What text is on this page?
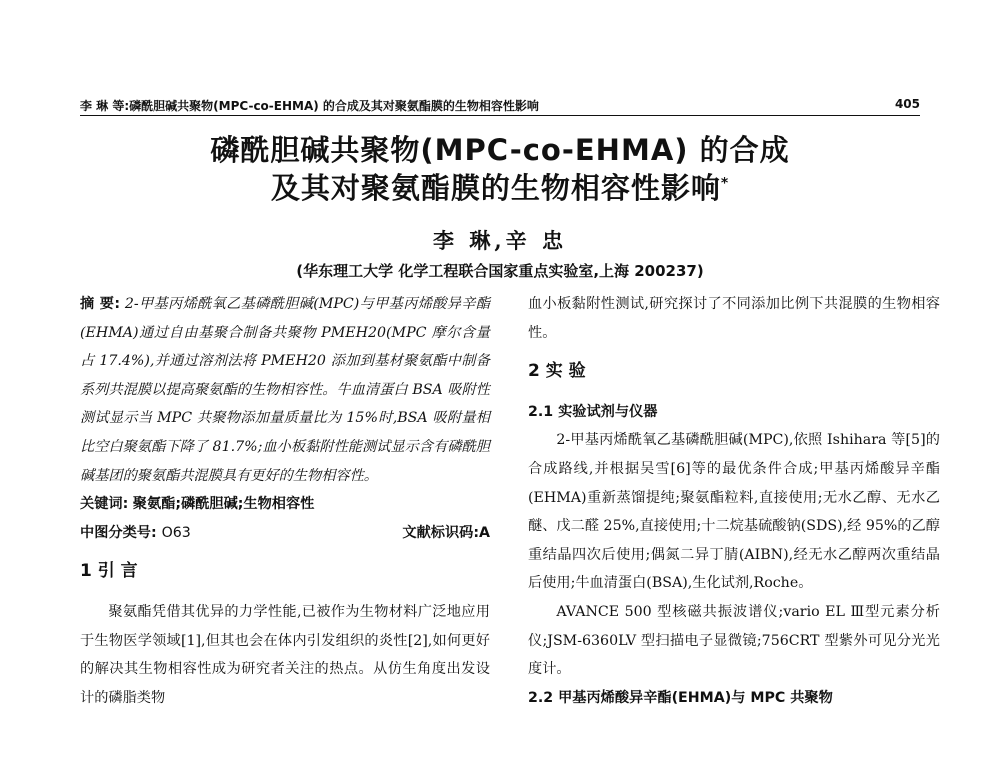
李 琳 等:磷酰胆碱共聚物(MPC-co-EHMA) 的合成及其对聚氨酯膜的生物相容性影响	405
磷酰胆碱共聚物(MPC-co-EHMA) 的合成
及其对聚氨酯膜的生物相容性影响*
李 琳,辛 忠
(华东理工大学 化学工程联合国家重点实验室,上海 200237)

摘 要: 2-甲基丙烯酰氧乙基磷酰胆碱(MPC)与甲基丙烯酸异辛酯(EHMA)通过自由基聚合制备共聚物 PMEH20(MPC 摩尔含量占 17.4%),并通过溶剂法将 PMEH20 添加到基材聚氨酯中制备系列共混膜以提高聚氨酯的生物相容性。牛血清蛋白 BSA 吸附性测试显示当 MPC 共聚物添加量质量比为 15%时,BSA 吸附量相比空白聚氨酯下降了 81.7%;血小板黏附性能测试显示含有磷酰胆碱基团的聚氨酯共混膜具有更好的生物相容性。

关键词: 聚氨酯;磷酰胆碱;生物相容性

中图分类号: O63	文献标识码:A

1 引 言

聚氨酯凭借其优异的力学性能,已被作为生物材料广泛地应用于生物医学领域[1],但其也会在体内引发组织的炎性[2],如何更好的解决其生物相容性成为研究者关注的热点。从仿生角度出发设计的磷脂类物

血小板黏附性测试,研究探讨了不同添加比例下共混膜的生物相容性。

2 实 验

2.1 实验试剂与仪器

2-甲基丙烯酰氧乙基磷酰胆碱(MPC),依照 Ishihara 等[5]的合成路线,并根据吴雪[6]等的最优条件合成;甲基丙烯酸异辛酯(EHMA)重新蒸馏提纯;聚氨酯粒料,直接使用;无水乙醇、无水乙醚、戊二醛 25%,直接使用;十二烷基硫酸钠(SDS),经 95%的乙醇重结晶四次后使用;偶氮二异丁腈(AIBN),经无水乙醇两次重结晶后使用;牛血清蛋白(BSA),生化试剂,Roche。

AVANCE 500 型核磁共振波谱仪;vario EL Ⅲ型元素分析仪;JSM-6360LV 型扫描电子显微镜;756CRT 型紫外可见分光光度计。

2.2 甲基丙烯酸异辛酯(EHMA)与 MPC 共聚物
